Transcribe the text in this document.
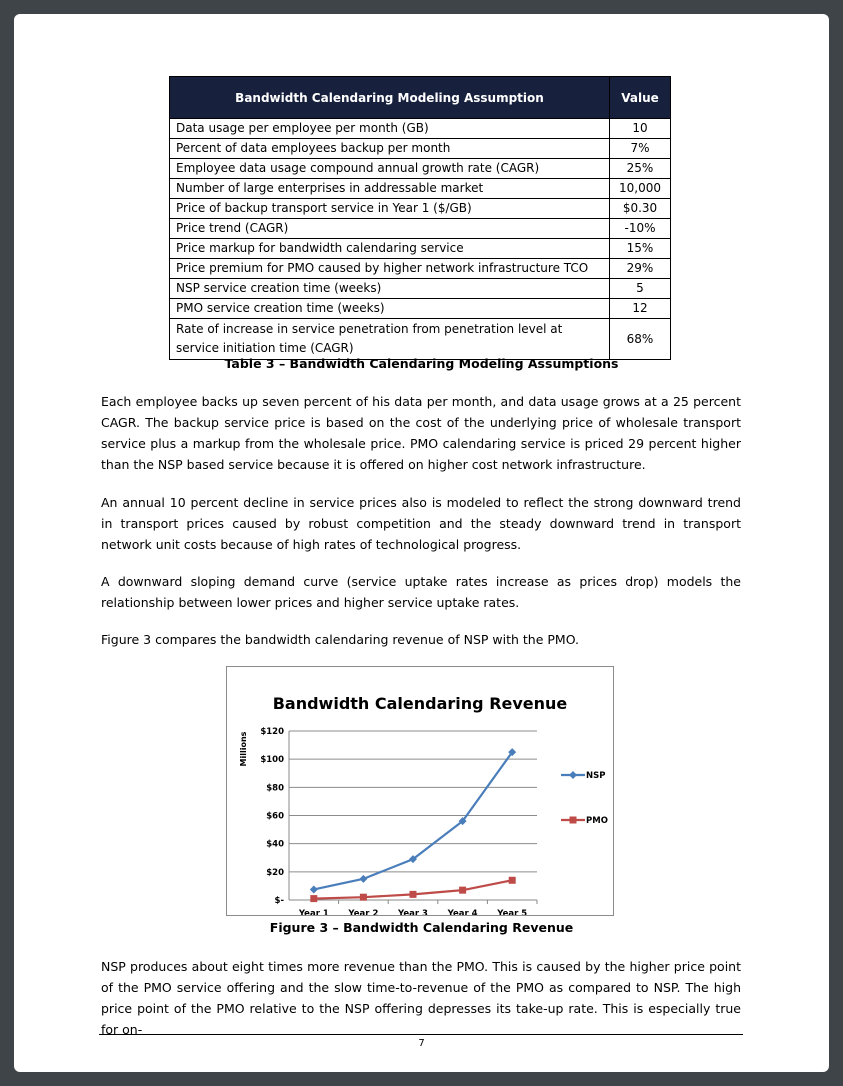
Bandwidth Calendaring Modeling Assumption	Value
Data usage per employee per month (GB)	10
Percent of data employees backup per month	7%
Employee data usage compound annual growth rate (CAGR)	25%
Number of large enterprises in addressable market	10,000
Price of backup transport service in Year 1 ($/GB)	$0.30
Price trend (CAGR)	-10%
Price markup for bandwidth calendaring service	15%
Price premium for PMO caused by higher network infrastructure TCO	29%
NSP service creation time (weeks)	5
PMO service creation time (weeks)	12
Rate of increase in service penetration from penetration level at service initiation time (CAGR)	68%
Table 3 – Bandwidth Calendaring Modeling Assumptions

Each employee backs up seven percent of his data per month, and data usage grows at a 25 percent CAGR. The backup service price is based on the cost of the underlying price of wholesale transport service plus a markup from the wholesale price. PMO calendaring service is priced 29 percent higher than the NSP based service because it is offered on higher cost network infrastructure.

An annual 10 percent decline in service prices also is modeled to reflect the strong downward trend in transport prices caused by robust competition and the steady downward trend in transport network unit costs because of high rates of technological progress.

A downward sloping demand curve (service uptake rates increase as prices drop) models the relationship between lower prices and higher service uptake rates.

Figure 3 compares the bandwidth calendaring revenue of NSP with the PMO.

Bandwidth Calendaring Revenue
Millions
$-
$20
$40
$60
$80
$100
$120
Year 1 Year 2 Year 3 Year 4 Year 5
NSP
PMO
Figure 3 – Bandwidth Calendaring Revenue

NSP produces about eight times more revenue than the PMO. This is caused by the higher price point of the PMO service offering and the slow time-to-revenue of the PMO as compared to NSP. The high price point of the PMO relative to the NSP offering depresses its take-up rate. This is especially true for on-

7
